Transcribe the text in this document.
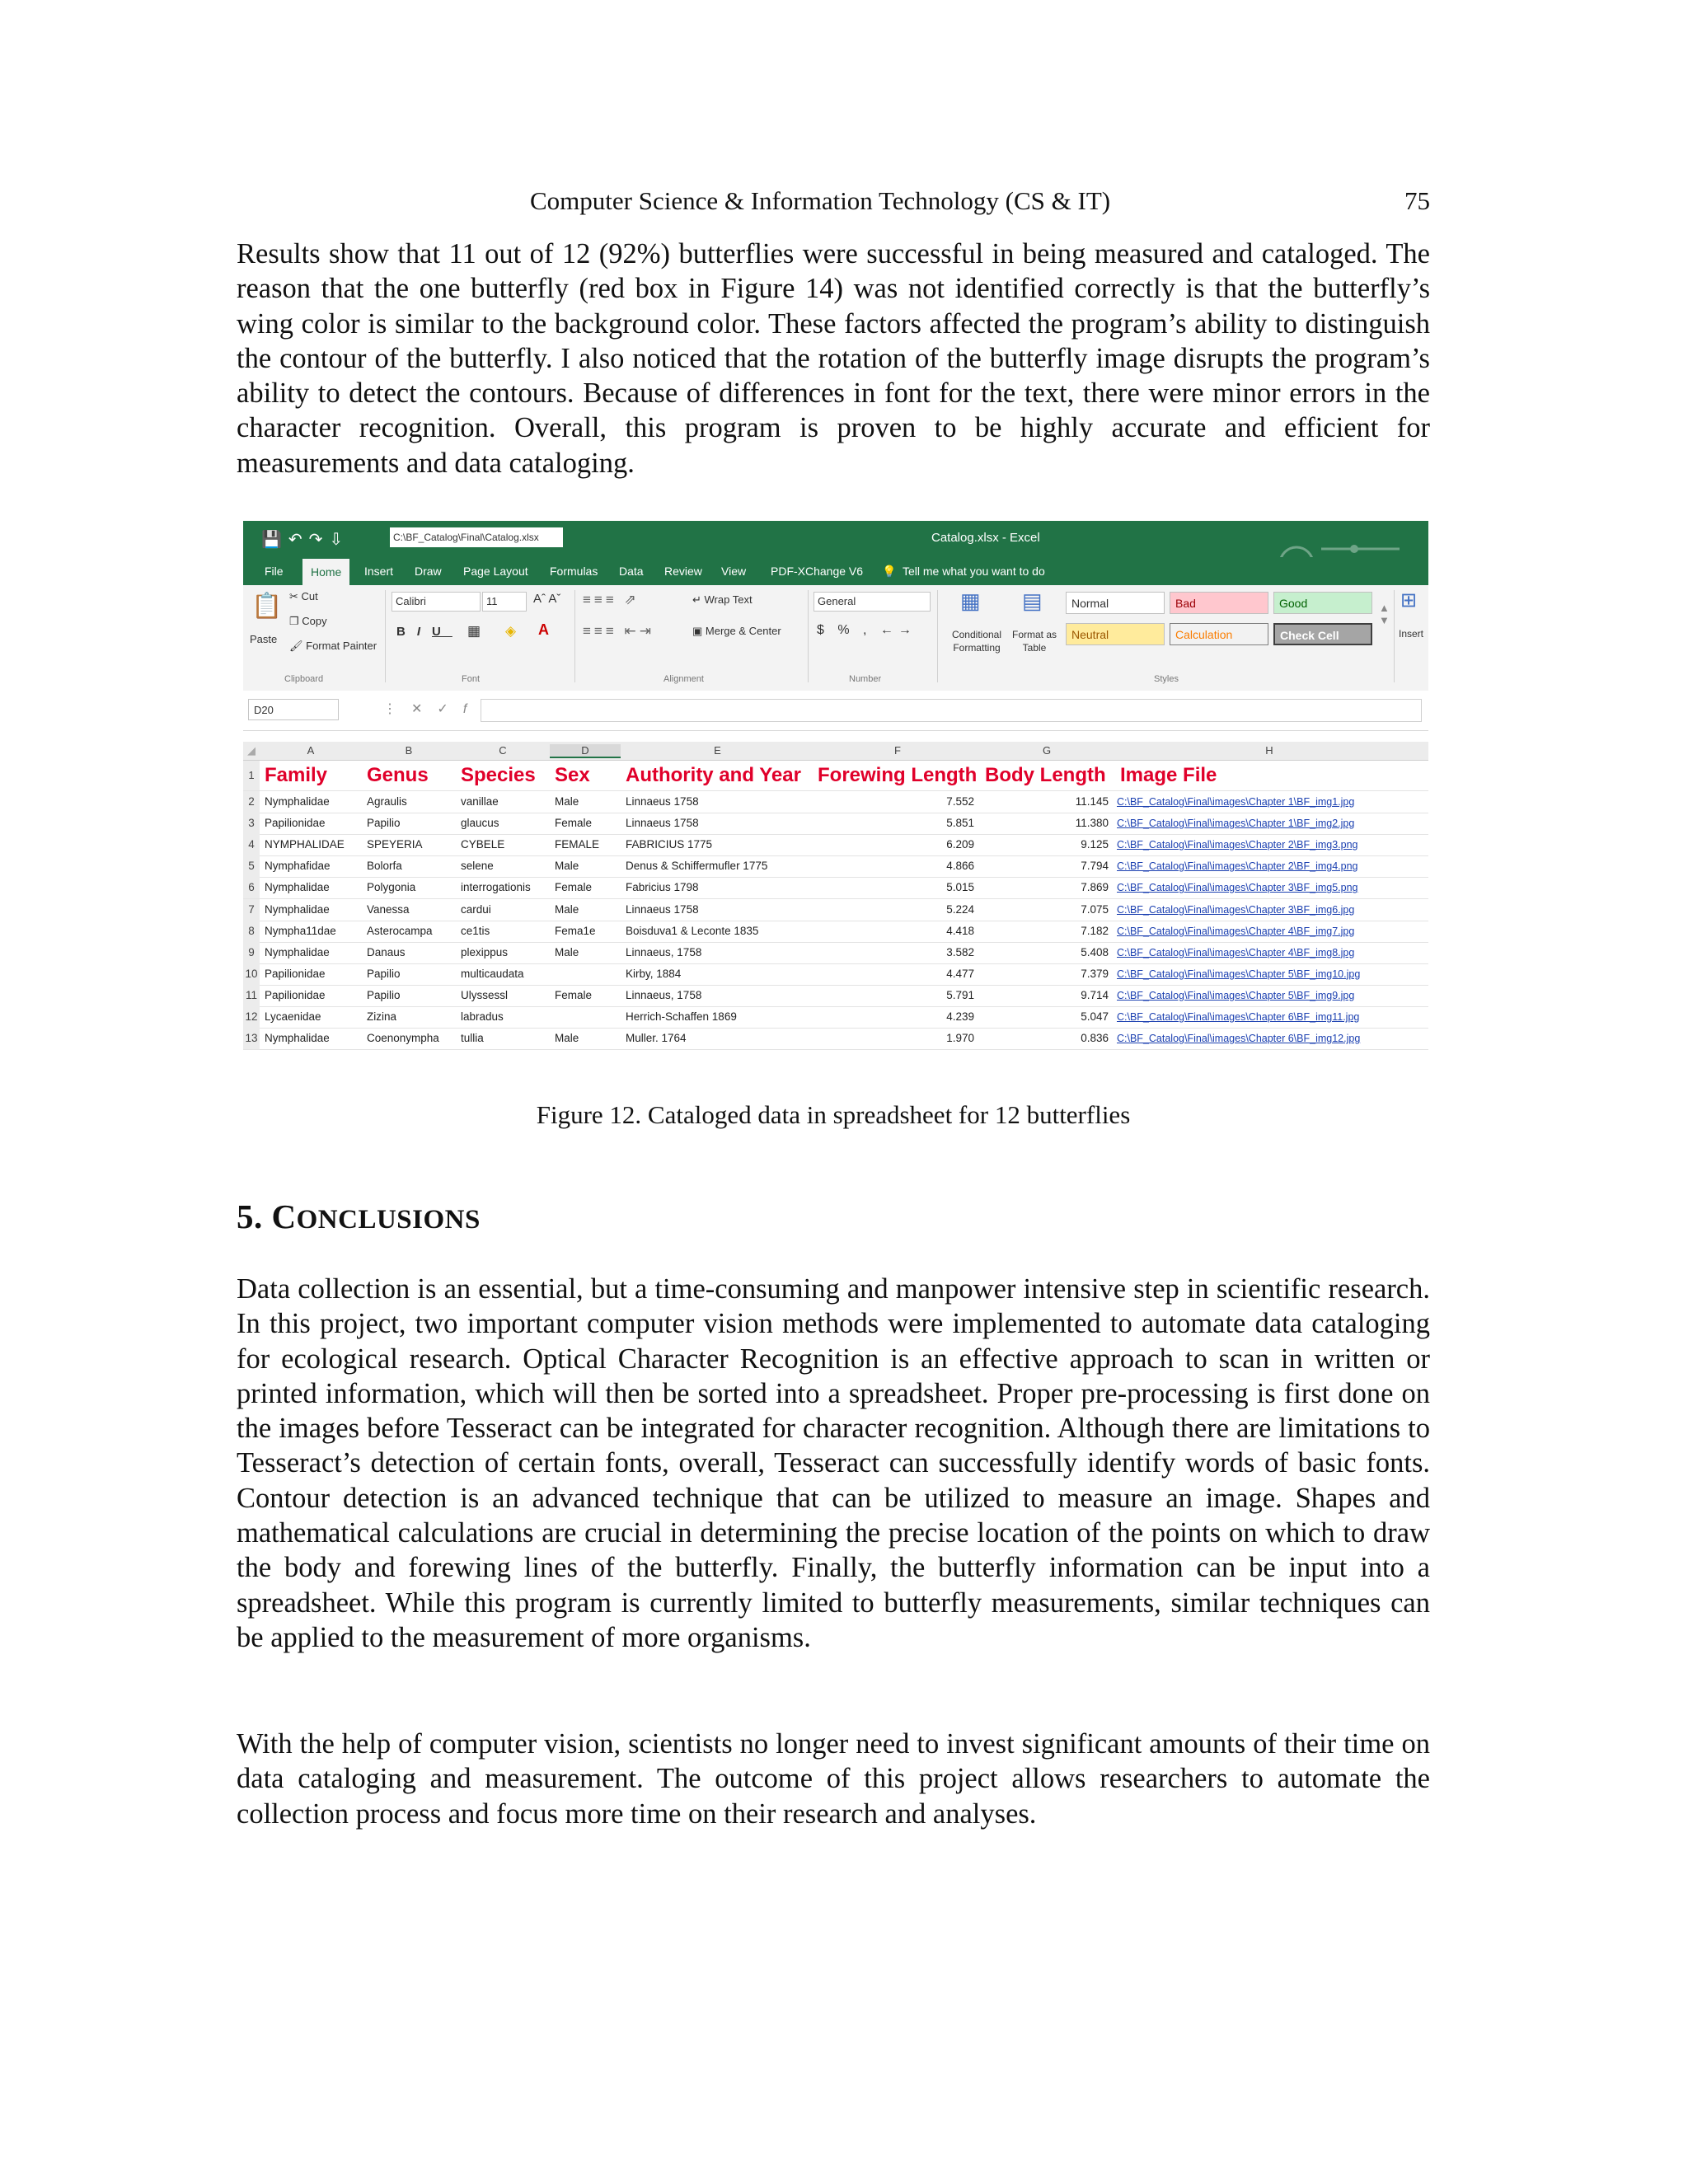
Computer Science & Information Technology (CS & IT)	75

Results show that 11 out of 12 (92%) butterflies were successful in being measured and cataloged. The reason that the one butterfly (red box in Figure 14) was not identified correctly is that the butterfly’s wing color is similar to the background color. These factors affected the program’s ability to distinguish the contour of the butterfly. I also noticed that the rotation of the butterfly image disrupts the program’s ability to detect the contours. Because of differences in font for the text, there were minor errors in the character recognition. Overall, this program is proven to be highly accurate and efficient for measurements and data cataloging.

💾↶↷⇩	C:\BF_Catalog\Final\Catalog.xlsx	Catalog.xlsx - Excel
File	Home	Insert Draw Page Layout Formulas Data Review View PDF-XChange V6 💡 Tell me what you want to do
📋
Paste
✂ Cut
❐ Copy
🖌 Format Painter
Clipboard
Calibri	11	Aˆ Aˇ
BIU ▦ ◈ A
Font
≡≡≡ ⇗
≡≡≡ ⇤⇥
↵ Wrap Text
▣ Merge & Center
Alignment
General
$ % , ←→
Number
▦
Conditional Formatting
▤
Format as Table
Normal	Bad	Good
Neutral	Calculation	Check Cell
▲
▼
Styles
⊞
Insert
D20	⋮✕✓f
◢	A	B	C	D	E	F	G	H
1 Family Genus Species Sex Authority and Year Forewing Length Body Length Image File
2 Nymphalidae	Agraulis	vanillae	Male	Linnaeus 1758	7.552	11.145 C:\BF_Catalog\Final\images\Chapter 1\BF_img1.jpg
3 Papilionidae	Papilio	glaucus	Female	Linnaeus 1758	5.851	11.380 C:\BF_Catalog\Final\images\Chapter 1\BF_img2.jpg
4 NYMPHALIDAE	SPEYERIA	CYBELE	FEMALE	FABRICIUS 1775	6.209	9.125 C:\BF_Catalog\Final\images\Chapter 2\BF_img3.png
5 Nymphafidae	Bolorfa	selene	Male	Denus & Schiffermufler 1775	4.866	7.794 C:\BF_Catalog\Final\images\Chapter 2\BF_img4.png
6 Nymphalidae	Polygonia	interrogationis	Female	Fabricius 1798	5.015	7.869 C:\BF_Catalog\Final\images\Chapter 3\BF_img5.png
7 Nymphalidae	Vanessa	cardui	Male	Linnaeus 1758	5.224	7.075 C:\BF_Catalog\Final\images\Chapter 3\BF_img6.jpg
8 Nympha11dae	Asterocampa	ce1tis	Fema1e	Boisduva1 & Leconte 1835	4.418	7.182 C:\BF_Catalog\Final\images\Chapter 4\BF_img7.jpg
9 Nymphalidae	Danaus	plexippus	Male	Linnaeus, 1758	3.582	5.408 C:\BF_Catalog\Final\images\Chapter 4\BF_img8.jpg
10 Papilionidae	Papilio	multicaudata	Kirby, 1884	4.477	7.379 C:\BF_Catalog\Final\images\Chapter 5\BF_img10.jpg
11 Papilionidae	Papilio	Ulyssessl	Female	Linnaeus, 1758	5.791	9.714 C:\BF_Catalog\Final\images\Chapter 5\BF_img9.jpg
12 Lycaenidae	Zizina	labradus	Herrich-Schaffen 1869	4.239	5.047 C:\BF_Catalog\Final\images\Chapter 6\BF_img11.jpg
13 Nymphalidae	Coenonympha	tullia	Male	Muller. 1764	1.970	0.836 C:\BF_Catalog\Final\images\Chapter 6\BF_img12.jpg
Figure 12. Cataloged data in spreadsheet for 12 butterflies
5. CONCLUSIONS

Data collection is an essential, but a time-consuming and manpower intensive step in scientific research. In this project, two important computer vision methods were implemented to automate data cataloging for ecological research. Optical Character Recognition is an effective approach to scan in written or printed information, which will then be sorted into a spreadsheet. Proper pre-processing is first done on the images before Tesseract can be integrated for character recognition. Although there are limitations to Tesseract’s detection of certain fonts, overall, Tesseract can successfully identify words of basic fonts. Contour detection is an advanced technique that can be utilized to measure an image. Shapes and mathematical calculations are crucial in determining the precise location of the points on which to draw the body and forewing lines of the butterfly. Finally, the butterfly information can be input into a spreadsheet. While this program is currently limited to butterfly measurements, similar techniques can be applied to the measurement of more organisms.

With the help of computer vision, scientists no longer need to invest significant amounts of their time on data cataloging and measurement. The outcome of this project allows researchers to automate the collection process and focus more time on their research and analyses.
